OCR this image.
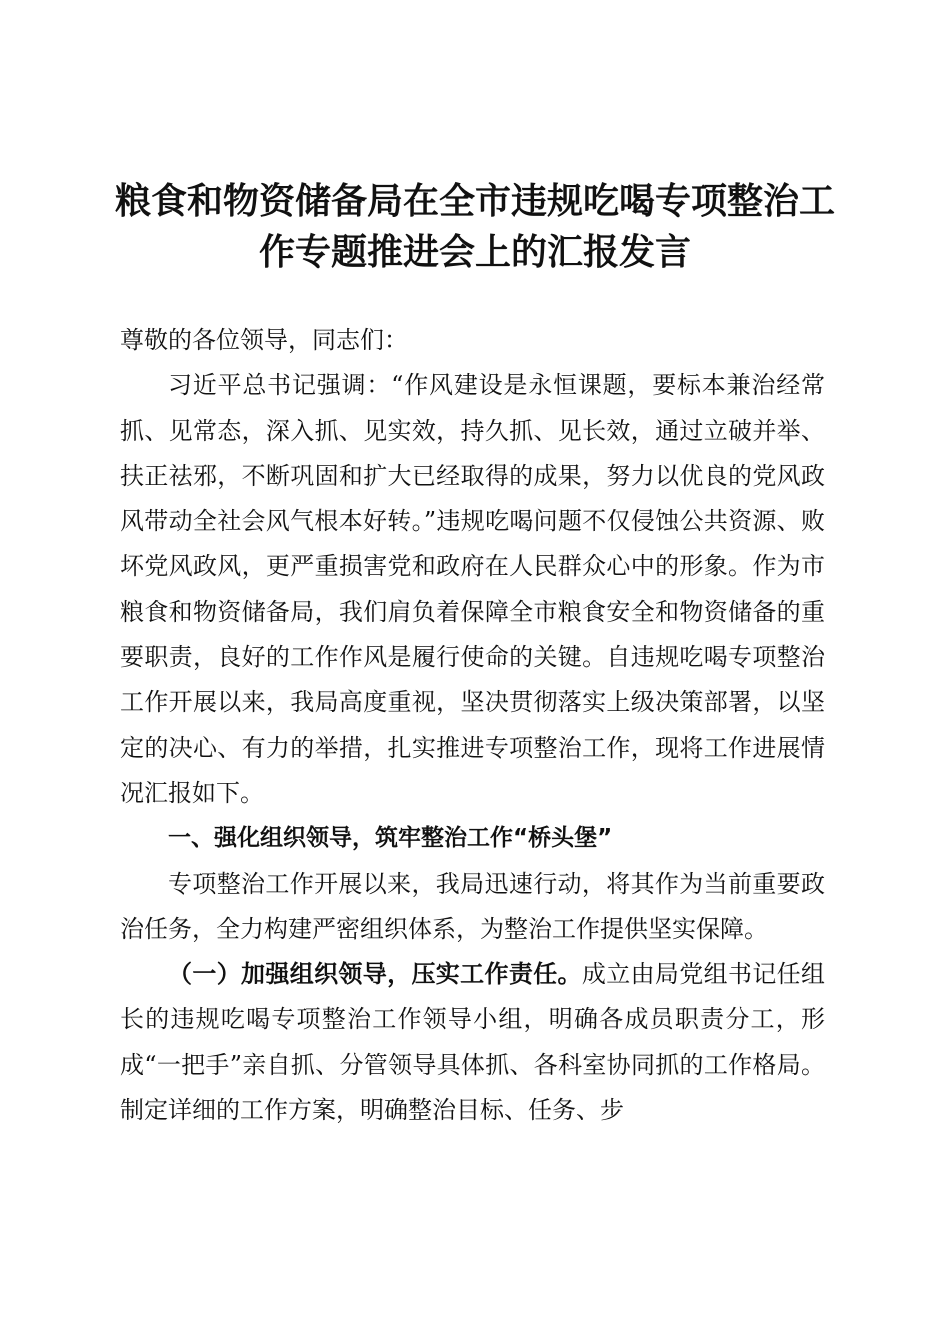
粮食和物资储备局在全市违规吃喝专项整治工
作专题推进会上的汇报发言

尊敬的各位领导，同志们：

习近平总书记强调：“作风建设是永恒课题，要标本兼治经常抓、见常态，深入抓、见实效，持久抓、见长效，通过立破并举、扶正祛邪，不断巩固和扩大已经取得的成果，努力以优良的党风政风带动全社会风气根本好转。”违规吃喝问题不仅侵蚀公共资源、败坏党风政风，更严重损害党和政府在人民群众心中的形象。作为市粮食和物资储备局，我们肩负着保障全市粮食安全和物资储备的重要职责，良好的工作作风是履行使命的关键。自违规吃喝专项整治工作开展以来，我局高度重视，坚决贯彻落实上级决策部署，以坚定的决心、有力的举措，扎实推进专项整治工作，现将工作进展情况汇报如下。

一、强化组织领导，筑牢整治工作“桥头堡”

专项整治工作开展以来，我局迅速行动，将其作为当前重要政治任务，全力构建严密组织体系，为整治工作提供坚实保障。

（一）加强组织领导，压实工作责任。成立由局党组书记任组长的违规吃喝专项整治工作领导小组，明确各成员职责分工，形成“一把手”亲自抓、分管领导具体抓、各科室协同抓的工作格局。制定详细的工作方案，明确整治目标、任务、步
